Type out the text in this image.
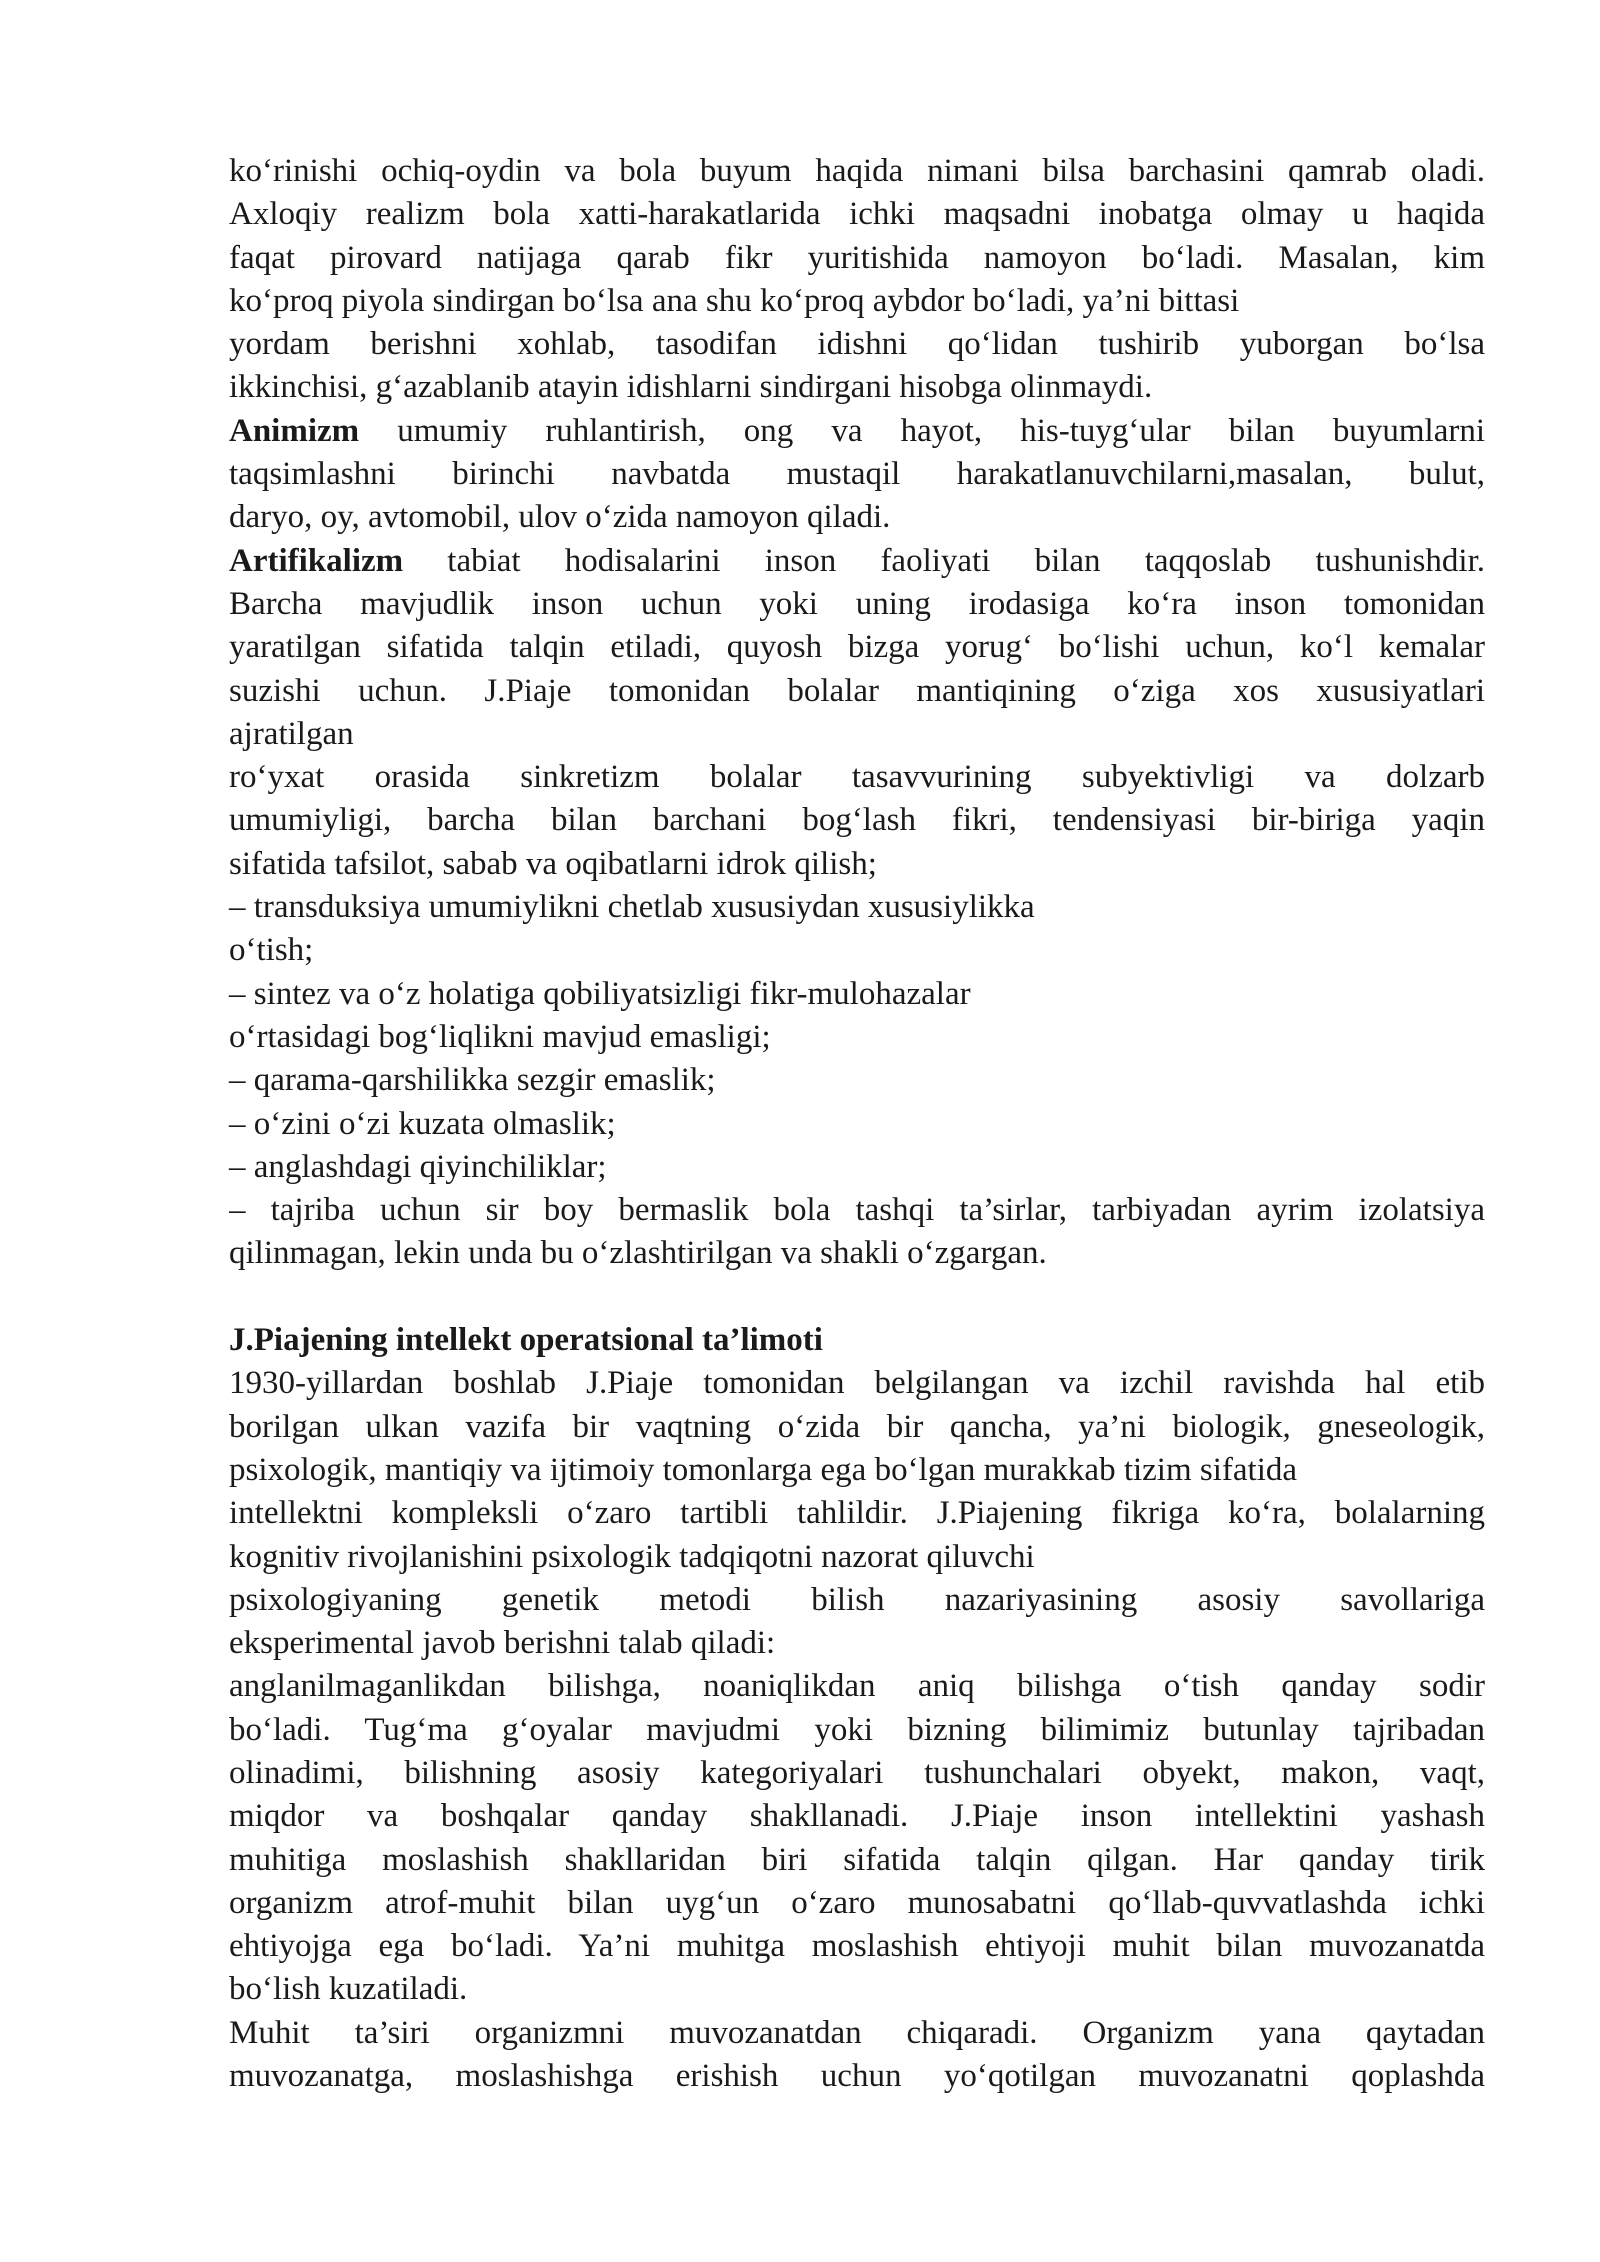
ko‘rinishi ochiq-oydin va bola buyum haqida nimani bilsa barchasini qamrab oladi.
Axloqiy realizm bola xatti-harakatlarida ichki maqsadni inobatga olmay u haqida
faqat pirovard natijaga qarab fikr yuritishida namoyon bo‘ladi. Masalan, kim
ko‘proq piyola sindirgan bo‘lsa ana shu ko‘proq aybdor bo‘ladi, ya’ni bittasi
yordam berishni xohlab, tasodifan idishni qo‘lidan tushirib yuborgan bo‘lsa
ikkinchisi, g‘azablanib atayin idishlarni sindirgani hisobga olinmaydi.
Animizm umumiy ruhlantirish, ong va hayot, his-tuyg‘ular bilan buyumlarni
taqsimlashni birinchi navbatda mustaqil harakatlanuvchilarni,masalan, bulut,
daryo, oy, avtomobil, ulov o‘zida namoyon qiladi.
Artifikalizm tabiat hodisalarini inson faoliyati bilan taqqoslab tushunishdir.
Barcha mavjudlik inson uchun yoki uning irodasiga ko‘ra inson tomonidan
yaratilgan sifatida talqin etiladi, quyosh bizga yorug‘ bo‘lishi uchun, ko‘l kemalar
suzishi uchun. J.Piaje tomonidan bolalar mantiqining o‘ziga xos xususiyatlari
ajratilgan
ro‘yxat orasida sinkretizm bolalar tasavvurining subyektivligi va dolzarb
umumiyligi, barcha bilan barchani bog‘lash fikri, tendensiyasi bir-biriga yaqin
sifatida tafsilot, sabab va oqibatlarni idrok qilish;
– transduksiya umumiylikni chetlab xususiydan xususiylikka
o‘tish;
– sintez va o‘z holatiga qobiliyatsizligi fikr-mulohazalar
o‘rtasidagi bog‘liqlikni mavjud emasligi;
– qarama-qarshilikka sezgir emaslik;
– o‘zini o‘zi kuzata olmaslik;
– anglashdagi qiyinchiliklar;
– tajriba uchun sir boy bermaslik bola tashqi ta’sirlar, tarbiyadan ayrim izolatsiya
qilinmagan, lekin unda bu o‘zlashtirilgan va shakli o‘zgargan.
J.Piajening intellekt operatsional ta’limoti
1930-yillardan boshlab J.Piaje tomonidan belgilangan va izchil ravishda hal etib
borilgan ulkan vazifa bir vaqtning o‘zida bir qancha, ya’ni biologik, gneseologik,
psixologik, mantiqiy va ijtimoiy tomonlarga ega bo‘lgan murakkab tizim sifatida
intellektni kompleksli o‘zaro tartibli tahlildir. J.Piajening fikriga ko‘ra, bolalarning
kognitiv rivojlanishini psixologik tadqiqotni nazorat qiluvchi
psixologiyaning genetik metodi bilish nazariyasining asosiy savollariga
eksperimental javob berishni talab qiladi:
anglanilmaganlikdan bilishga, noaniqlikdan aniq bilishga o‘tish qanday sodir
bo‘ladi. Tug‘ma g‘oyalar mavjudmi yoki bizning bilimimiz butunlay tajribadan
olinadimi, bilishning asosiy kategoriyalari tushunchalari obyekt, makon, vaqt,
miqdor va boshqalar qanday shakllanadi. J.Piaje inson intellektini yashash
muhitiga moslashish shakllaridan biri sifatida talqin qilgan. Har qanday tirik
organizm atrof-muhit bilan uyg‘un o‘zaro munosabatni qo‘llab-quvvatlashda ichki
ehtiyojga ega bo‘ladi. Ya’ni muhitga moslashish ehtiyoji muhit bilan muvozanatda
bo‘lish kuzatiladi.
Muhit ta’siri organizmni muvozanatdan chiqaradi. Organizm yana qaytadan
muvozanatga, moslashishga erishish uchun yo‘qotilgan muvozanatni qoplashda
